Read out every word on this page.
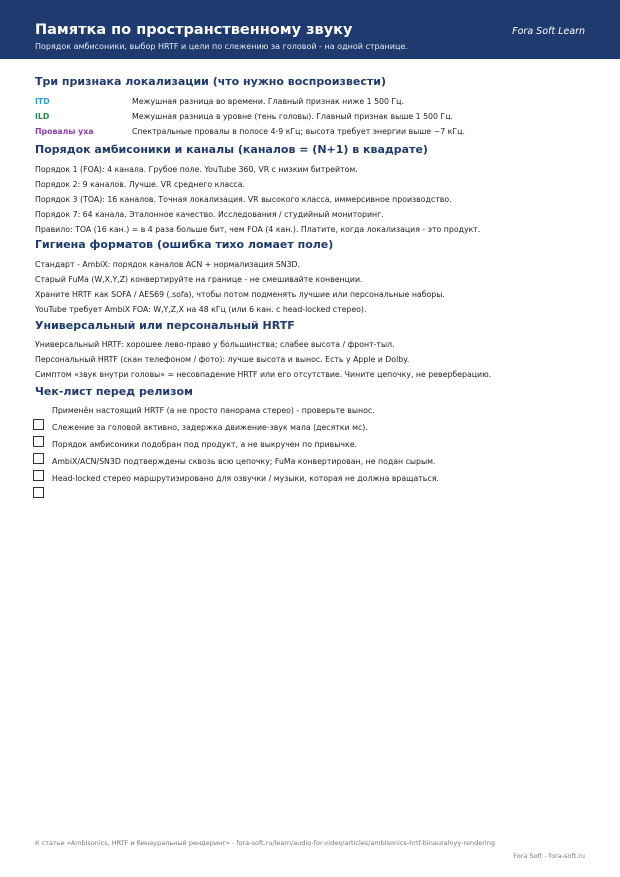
Памятка по пространственному звуку	Fora Soft Learn
Порядок амбисоники, выбор HRTF и цели по слежению за головой - на одной странице.
Три признака локализации (что нужно воспроизвести)
ITD	Межушная разница во времени. Главный признак ниже 1 500 Гц.
ILD	Межушная разница в уровне (тень головы). Главный признак выше 1 500 Гц.
Провалы уха	Спектральные провалы в полосе 4-9 кГц; высота требует энергии выше ~7 кГц.
Порядок амбисоники и каналы (каналов = (N+1) в квадрате)
Порядок 1 (FOA): 4 канала. Грубое поле. YouTube 360, VR с низким битрейтом.
Порядок 2: 9 каналов. Лучше. VR среднего класса.
Порядок 3 (TOA): 16 каналов. Точная локализация. VR высокого класса, иммерсивное производство.
Порядок 7: 64 канала. Эталонное качество. Исследования / студийный мониторинг.
Правило: TOA (16 кан.) = в 4 раза больше бит, чем FOA (4 кан.). Платите, когда локализация - это продукт.
Гигиена форматов (ошибка тихо ломает поле)
Стандарт - AmbiX: порядок каналов ACN + нормализация SN3D.
Старый FuMa (W,X,Y,Z) конвертируйте на границе - не смешивайте конвенции.
Храните HRTF как SOFA / AES69 (.sofa), чтобы потом подменять лучшие или персональные наборы.
YouTube требует AmbiX FOA: W,Y,Z,X на 48 кГц (или 6 кан. с head-locked стерео).
Универсальный или персональный HRTF
Универсальный HRTF: хорошее лево-право у большинства; слабее высота / фронт-тыл.
Персональный HRTF (скан телефоном / фото): лучше высота и вынос. Есть у Apple и Dolby.
Симптом «звук внутри головы» = несовпадение HRTF или его отсутствие. Чините цепочку, не реверберацию.
Чек-лист перед релизом
Применён настоящий HRTF (а не просто панорама стерео) - проверьте вынос.
Слежение за головой активно, задержка движение-звук мала (десятки мс).
Порядок амбисоники подобран под продукт, а не выкручен по привычке.
AmbiX/ACN/SN3D подтверждены сквозь всю цепочку; FuMa конвертирован, не подан сырым.
Head-locked стерео маршрутизировано для озвучки / музыки, которая не должна вращаться.
К статье «Ambisonics, HRTF и бинауральный рендеринг» - fora-soft.ru/learn/audio-for-video/articles/ambisonics-hrtf-binauralnyy-rendering
Fora Soft - fora-soft.ru
